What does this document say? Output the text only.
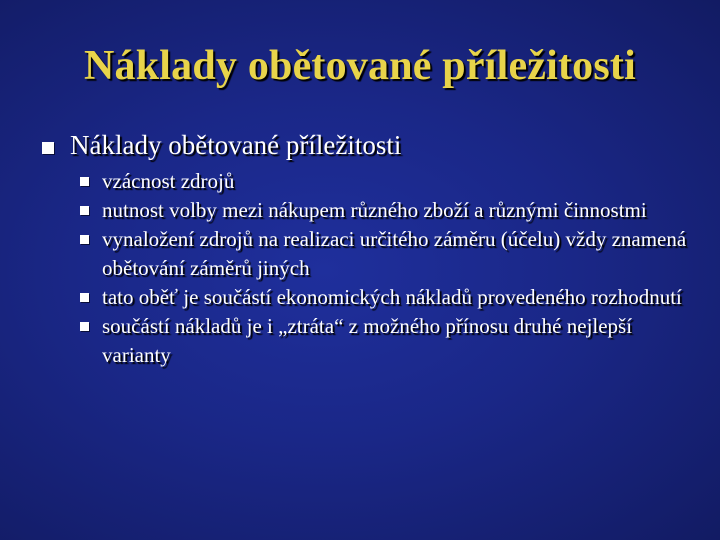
Náklady obětované příležitosti
Náklady obětované příležitosti
vzácnost zdrojů
nutnost volby mezi nákupem různého zboží a různými činnostmi
vynaložení zdrojů na realizaci určitého záměru (účelu) vždy znamená obětování záměrů jiných
tato oběť je součástí ekonomických nákladů provedeného rozhodnutí
součástí nákladů je i „ztráta“ z možného přínosu druhé nejlepší varianty
